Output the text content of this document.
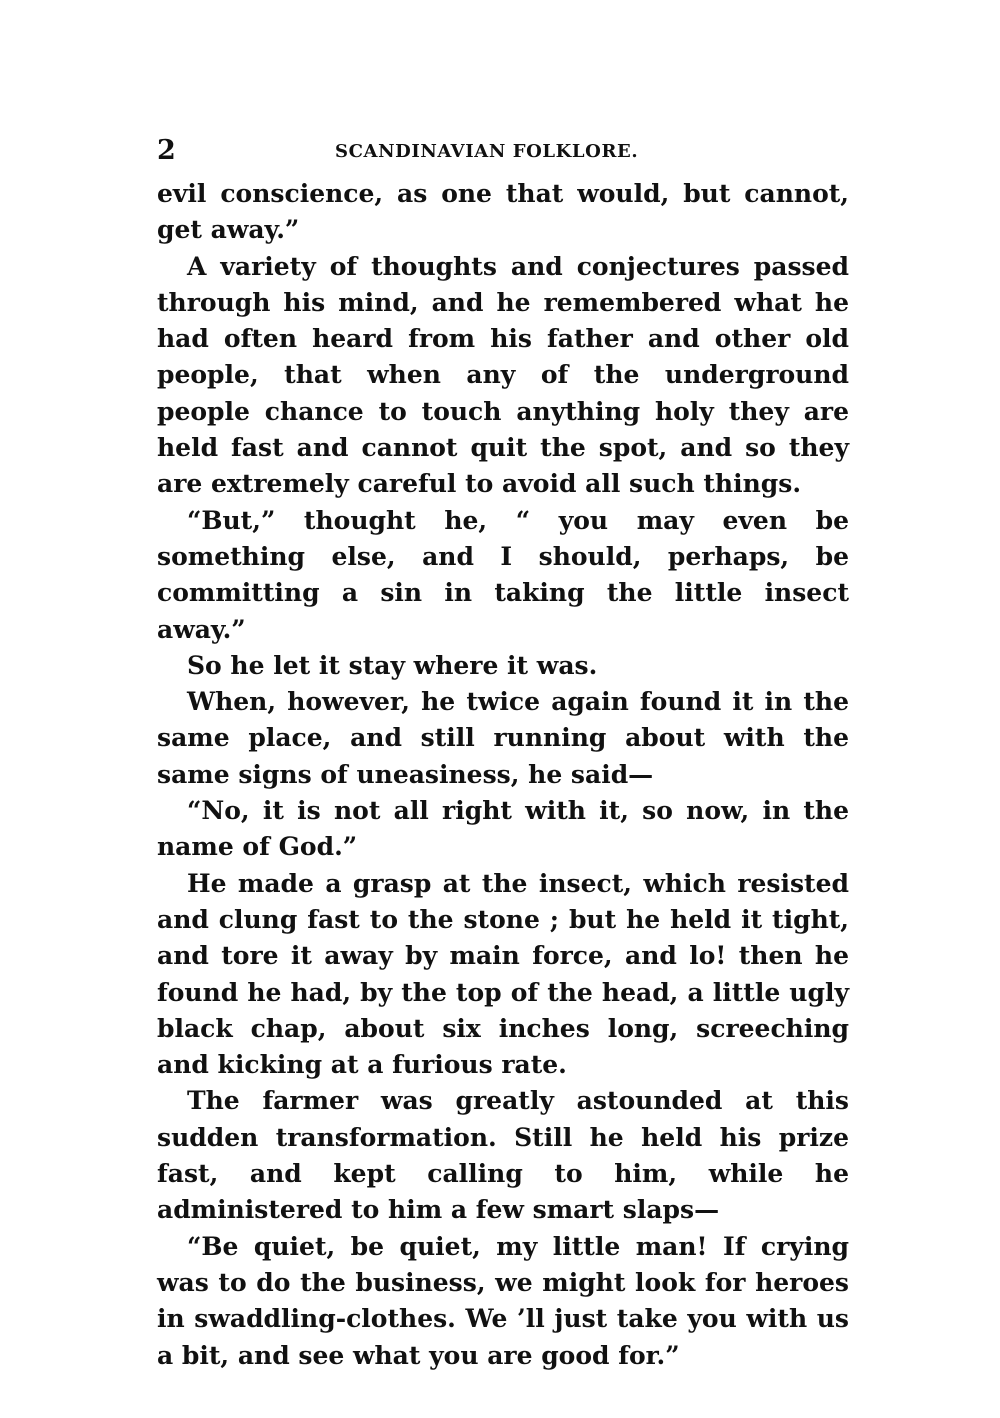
2	SCANDINAVIAN FOLKLORE.

evil conscience, as one that would, but cannot, get away.”

A variety of thoughts and conjectures passed through his mind, and he remembered what he had often heard from his father and other old people, that when any of the underground people chance to touch anything holy they are held fast and cannot quit the spot, and so they are extremely careful to avoid all such things.

“But,” thought he, “ you may even be something else, and I should, perhaps, be committing a sin in taking the little insect away.”

So he let it stay where it was.

When, however, he twice again found it in the same place, and still running about with the same signs of uneasiness, he said—

“No, it is not all right with it, so now, in the name of God.”

He made a grasp at the insect, which resisted and clung fast to the stone ; but he held it tight, and tore it away by main force, and lo! then he found he had, by the top of the head, a little ugly black chap, about six inches long, screeching and kicking at a furious rate.

The farmer was greatly astounded at this sudden transformation. Still he held his prize fast, and kept calling to him, while he administered to him a few smart slaps—

“Be quiet, be quiet, my little man! If crying was to do the business, we might look for heroes in swaddling-clothes. We ’ll just take you with us a bit, and see what you are good for.”
